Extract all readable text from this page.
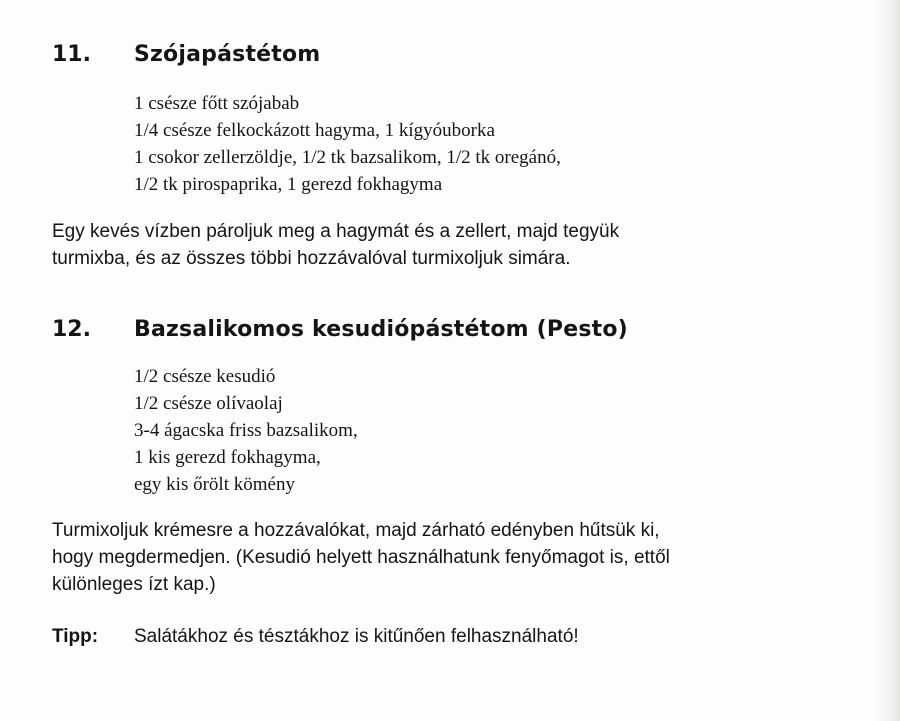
11. Szójapástétom
1 csésze főtt szójabab
1/4 csésze felkockázott hagyma, 1 kígyóuborka
1 csokor zellerzöldje, 1/2 tk bazsalikom, 1/2 tk oregánó,
1/2 tk pirospaprika, 1 gerezd fokhagyma

Egy kevés vízben pároljuk meg a hagymát és a zellert, majd tegyük
turmixba, és az összes többi hozzávalóval turmixoljuk simára.

12. Bazsalikomos kesudiópástétom (Pesto)
1/2 csésze kesudió
1/2 csésze olívaolaj
3-4 ágacska friss bazsalikom,
1 kis gerezd fokhagyma,
egy kis őrölt kömény

Turmixoljuk krémesre a hozzávalókat, majd zárható edényben hűtsük ki,
hogy megdermedjen. (Kesudió helyett használhatunk fenyőmagot is, ettől
különleges ízt kap.)

Tipp: Salátákhoz és tésztákhoz is kitűnően felhasználható!
